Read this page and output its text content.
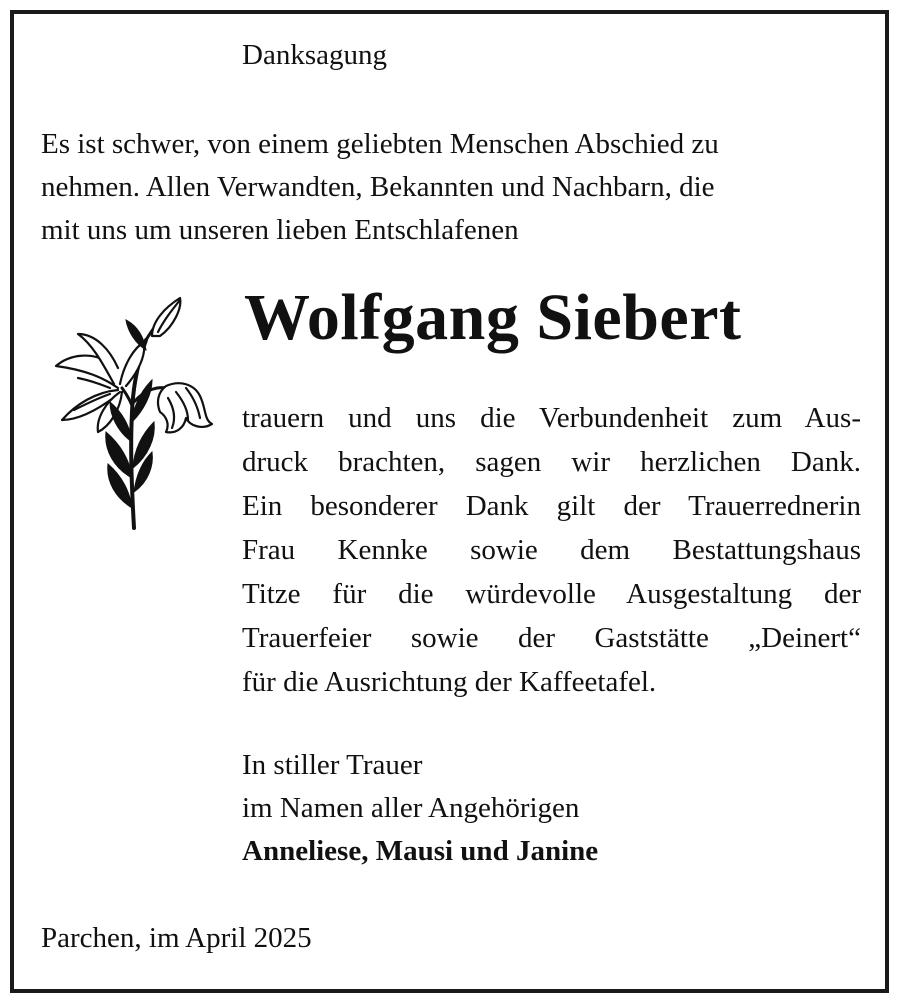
Danksagung
Es ist schwer, von einem geliebten Menschen Abschied zu
nehmen. Allen Verwandten, Bekannten und Nachbarn, die
mit uns um unseren lieben Entschlafenen
Wolfgang Siebert
trauern und uns die Verbundenheit zum Aus-
druck brachten, sagen wir herzlichen Dank.
Ein besonderer Dank gilt der Trauerrednerin
Frau Kennke sowie dem Bestattungshaus
Titze für die würdevolle Ausgestaltung der
Trauerfeier sowie der Gaststätte „Deinert“
für die Ausrichtung der Kaffeetafel.
In stiller Trauer
im Namen aller Angehörigen
Anneliese, Mausi und Janine
Parchen, im April 2025
